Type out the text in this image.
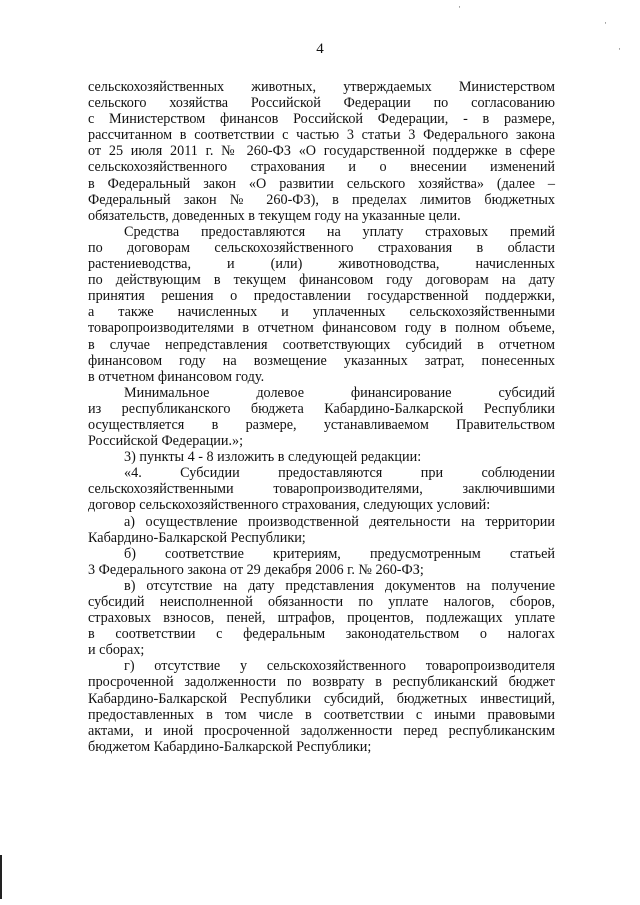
4
·
·
·
сельскохозяйственных животных, утверждаемых Министерством
сельского хозяйства Российской Федерации по согласованию
с Министерством финансов Российской Федерации, - в размере,
рассчитанном в соответствии с частью 3 статьи 3 Федерального закона
от 25 июля 2011 г. № 260-ФЗ «О государственной поддержке в сфере
сельскохозяйственного страхования и о внесении изменений
в Федеральный закон «О развитии сельского хозяйства» (далее –
Федеральный закон № 260-ФЗ), в пределах лимитов бюджетных
обязательств, доведенных в текущем году на указанные цели.
Средства предоставляются на уплату страховых премий
по договорам сельскохозяйственного страхования в области
растениеводства, и (или) животноводства, начисленных
по действующим в текущем финансовом году договорам на дату
принятия решения о предоставлении государственной поддержки,
а также начисленных и уплаченных сельскохозяйственными
товаропроизводителями в отчетном финансовом году в полном объеме,
в случае непредставления соответствующих субсидий в отчетном
финансовом году на возмещение указанных затрат, понесенных
в отчетном финансовом году.
Минимальное долевое финансирование субсидий
из республиканского бюджета Кабардино-Балкарской Республики
осуществляется в размере, устанавливаемом Правительством
Российской Федерации.»;
3) пункты 4 - 8 изложить в следующей редакции:
«4. Субсидии предоставляются при соблюдении
сельскохозяйственными товаропроизводителями, заключившими
договор сельскохозяйственного страхования, следующих условий:
а) осуществление производственной деятельности на территории
Кабардино-Балкарской Республики;
б) соответствие критериям, предусмотренным статьей
3 Федерального закона от 29 декабря 2006 г. № 260-ФЗ;
в) отсутствие на дату представления документов на получение
субсидий неисполненной обязанности по уплате налогов, сборов,
страховых взносов, пеней, штрафов, процентов, подлежащих уплате
в соответствии с федеральным законодательством о налогах
и сборах;
г) отсутствие у сельскохозяйственного товаропроизводителя
просроченной задолженности по возврату в республиканский бюджет
Кабардино-Балкарской Республики субсидий, бюджетных инвестиций,
предоставленных в том числе в соответствии с иными правовыми
актами, и иной просроченной задолженности перед республиканским
бюджетом Кабардино-Балкарской Республики;
